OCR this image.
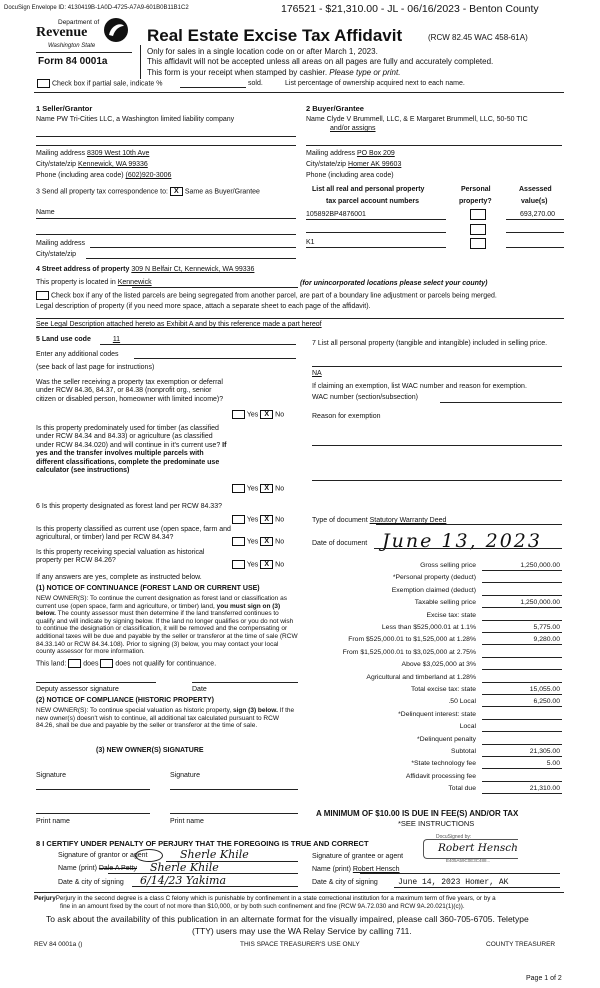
DocuSign Envelope ID: 4130419B-1A0D-4725-A7A9-601B0B11B1C2	176521 - $21,310.00 - JL - 06/16/2023 - Benton County
Department of
Revenue
Washington State
Form 84 0001a
Real Estate Excise Tax Affidavit	(RCW 82.45 WAC 458-61A)
Only for sales in a single location code on or after March 1, 2023.
This affidavit will not be accepted unless all areas on all pages are fully and accurately completed.
This form is your receipt when stamped by cashier. Please type or print.
Check box if partial sale, indicate %	sold.	List percentage of ownership acquired next to each name.
1 Seller/Grantor
Name PW Tri-Cities LLC, a Washington limited liability company
Mailing address 8309 West 10th Ave
City/state/zip Kennewick, WA 99336
Phone (including area code) (602)920-3006
2 Buyer/Grantee
Name Clyde V Brummell, LLC, & E Margaret Brummell, LLC, 50-50 TIC
and/or assigns
Mailing address PO Box 209
City/state/zip Homer AK 99603
Phone (including area code)
3 Send all property tax correspondence to: X Same as Buyer/Grantee
Name
Mailing address
City/state/zip
List all real and personal property
tax parcel account numbers
Personal
property?
Assessed
value(s)
105892BP4876001	693,270.00
K1
4 Street address of property 309 N Belfair Ct, Kennewick, WA 99336
This property is located in Kennewick	(for unincorporated locations please select your county)
Check box if any of the listed parcels are being segregated from another parcel, are part of a boundary line adjustment or parcels being merged.
Legal description of property (if you need more space, attach a separate sheet to each page of the affidavit).
See Legal Description attached hereto as Exhibit A and by this reference made a part hereof
5 Land use code	11
Enter any additional codes
(see back of last page for instructions)
Was the seller receiving a property tax exemption or deferral under RCW 84.36, 84.37, or 84.38 (nonprofit org., senior citizen or disabled person, homeowner with limited income)?
Yes X No
Is this property predominately used for timber (as classified under RCW 84.34 and 84.33) or agriculture (as classified under RCW 84.34.020) and will continue in it's current use? If yes and the transfer involves multiple parcels with different classifications, complete the predominate use calculator (see instructions)
Yes X No
6 Is this property designated as forest land per RCW 84.33?
Yes X No
Is this property classified as current use (open space, farm and agricultural, or timber) land per RCW 84.34?
Yes X No
Is this property receiving special valuation as historical property per RCW 84.26?
Yes X No
If any answers are yes, complete as instructed below.
(1) NOTICE OF CONTINUANCE (FOREST LAND OR CURRENT USE)
NEW OWNER(S): To continue the current designation as forest land or classification as current use (open space, farm and agriculture, or timber) land, you must sign on (3) below. The county assessor must then determine if the land transferred continues to qualify and will indicate by signing below. If the land no longer qualifies or you do not wish to continue the designation or classification, it will be removed and the compensating or additional taxes will be due and payable by the seller or transferor at the time of sale (RCW 84.33.140 or RCW 84.34.108). Prior to signing (3) below, you may contact your local county assessor for more information.
This land: does does not qualify for continuance.
Deputy assessor signature	Date
(2) NOTICE OF COMPLIANCE (HISTORIC PROPERTY)
NEW OWNER(S): To continue special valuation as historic property, sign (3) below. If the new owner(s) doesn't wish to continue, all additional tax calculated pursuant to RCW 84.26, shall be due and payable by the seller or transferor at the time of sale.
(3) NEW OWNER(S) SIGNATURE
Signature	Signature
Print name	Print name
7 List all personal property (tangible and intangible) included in selling price.
NA
If claiming an exemption, list WAC number and reason for exemption.
WAC number (section/subsection)
Reason for exemption
Type of document Statutory Warranty Deed
Date of document June 13, 2023
Gross selling price	1,250,000.00
*Personal property (deduct)
Exemption claimed (deduct)
Taxable selling price	1,250,000.00
Excise tax: state
Less than $525,000.01 at 1.1%	5,775.00
From $525,000.01 to $1,525,000 at 1.28%	9,280.00
From $1,525,000.01 to $3,025,000 at 2.75%
Above $3,025,000 at 3%
Agricultural and timberland at 1.28%
Total excise tax: state	15,055.00
.50 Local	6,250.00
*Delinquent interest: state
Local
*Delinquent penalty
Subtotal	21,305.00
*State technology fee	5.00
Affidavit processing fee
Total due	21,310.00
A MINIMUM OF $10.00 IS DUE IN FEE(S) AND/OR TAX
*SEE INSTRUCTIONS
8 I CERTIFY UNDER PENALTY OF PERJURY THAT THE FOREGOING IS TRUE AND CORRECT
Signature of grantor or agent	Sherle Khile
Name (print) Dale A Petty Sherle Khile
Date & city of signing 6/14/23 Yakima
Signature of grantee or agent
DocuSigned by:
Robert Hensch
E405A59C0E3C488...
Name (print) Robert Hensch
Date & city of signing	June 14, 2023 Homer, AK
PerjuryPerjury in the second degree is a class C felony which is punishable by confinement in a state correctional institution for a maximum term of five years, or by a
fine in an amount fixed by the court of not more than $10,000, or by both such confinement and fine (RCW 9A.72.030 and RCW 9A.20.021(1)(c)).
To ask about the availability of this publication in an alternate format for the visually impaired, please call 360-705-6705. Teletype
(TTY) users may use the WA Relay Service by calling 711.
REV 84 0001a ()	THIS SPACE TREASURER'S USE ONLY	COUNTY TREASURER
Page 1 of 2
